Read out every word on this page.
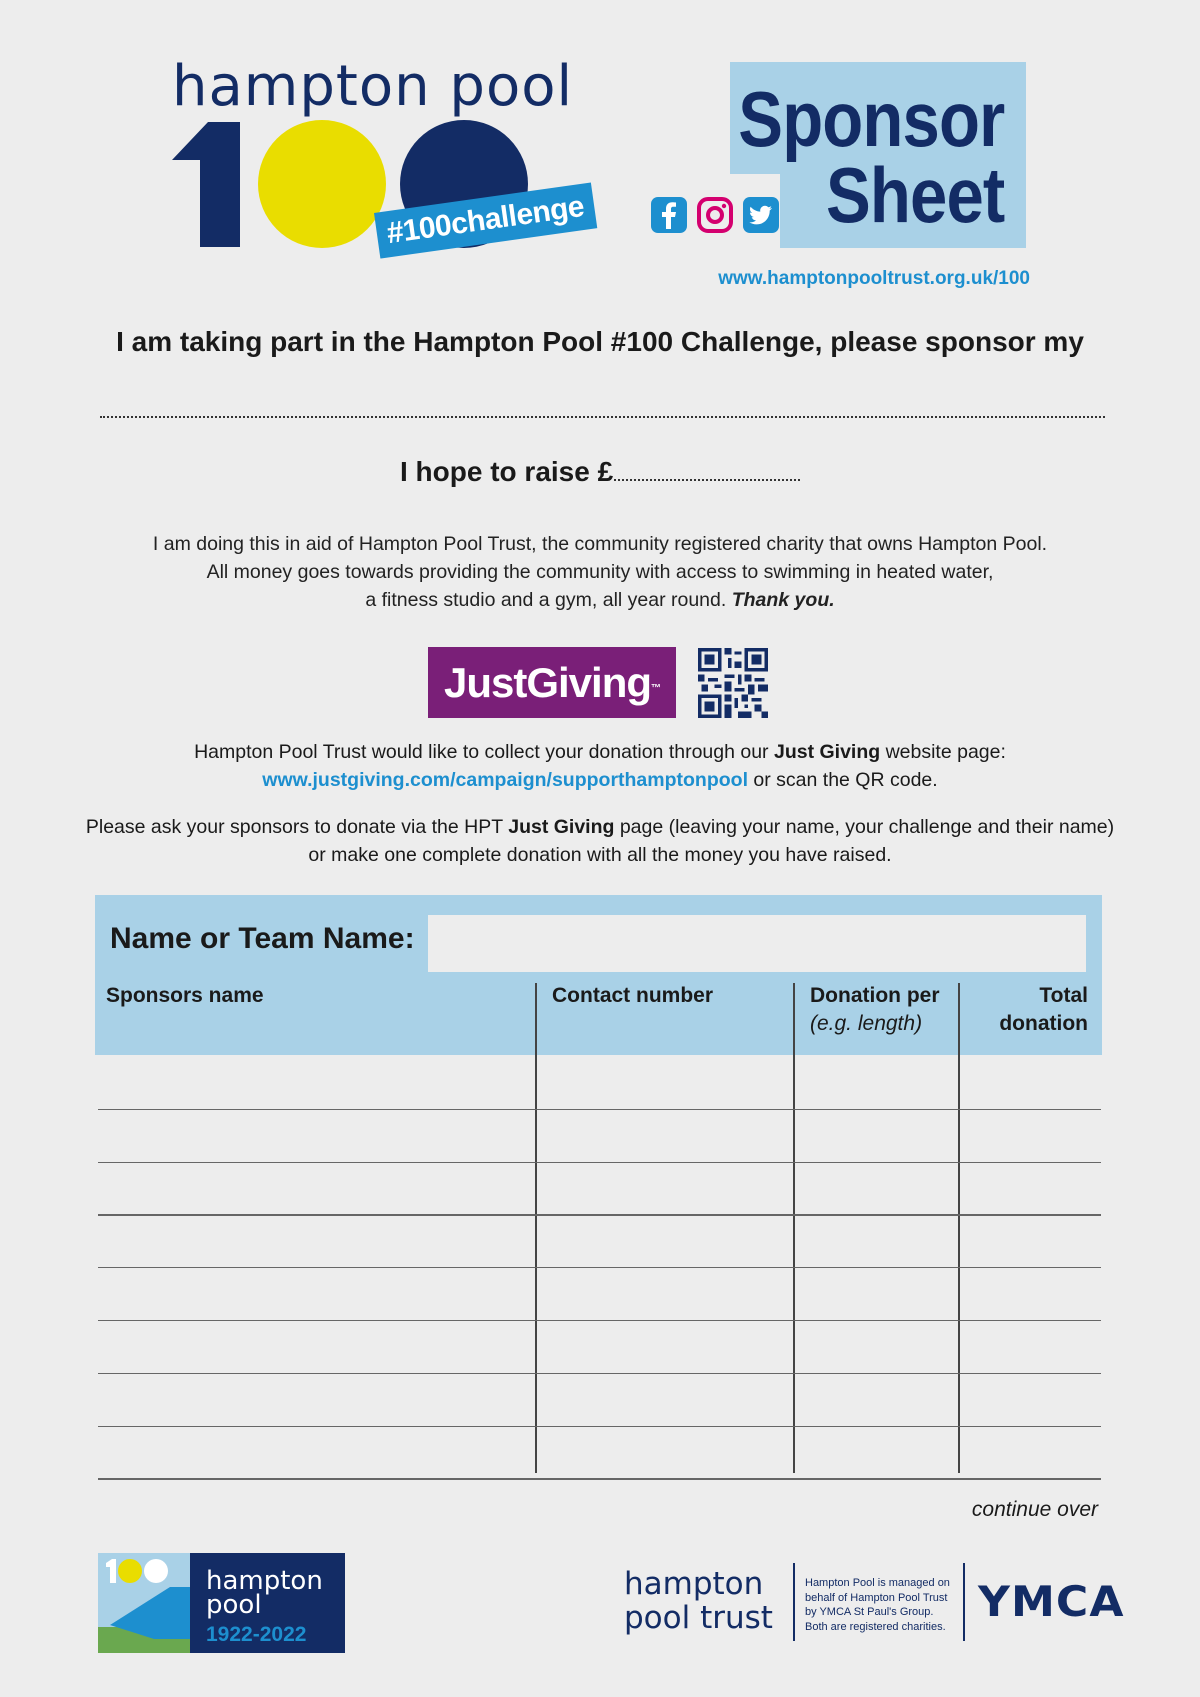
hampton pool
#100challenge
Sponsor
Sheet
www.hamptonpooltrust.org.uk/100
I am taking part in the Hampton Pool #100 Challenge, please sponsor my
I hope to raise £
I am doing this in aid of Hampton Pool Trust, the community registered charity that owns Hampton Pool.
All money goes towards providing the community with access to swimming in heated water,
a fitness studio and a gym, all year round. Thank you.
JustGiving™
Hampton Pool Trust would like to collect your donation through our Just Giving website page:
www.justgiving.com/campaign/supporthamptonpool or scan the QR code.
Please ask your sponsors to donate via the HPT Just Giving page (leaving your name, your challenge and their name)
or make one complete donation with all the money you have raised.
Name or Team Name:
Sponsors name	Contact number	Donation per
(e.g. length)
Total
donation
continue over
hampton
pool
1922-2022
hampton
pool trust
Hampton Pool is managed on
behalf of Hampton Pool Trust
by YMCA St Paul's Group.
Both are registered charities.
YMCA
